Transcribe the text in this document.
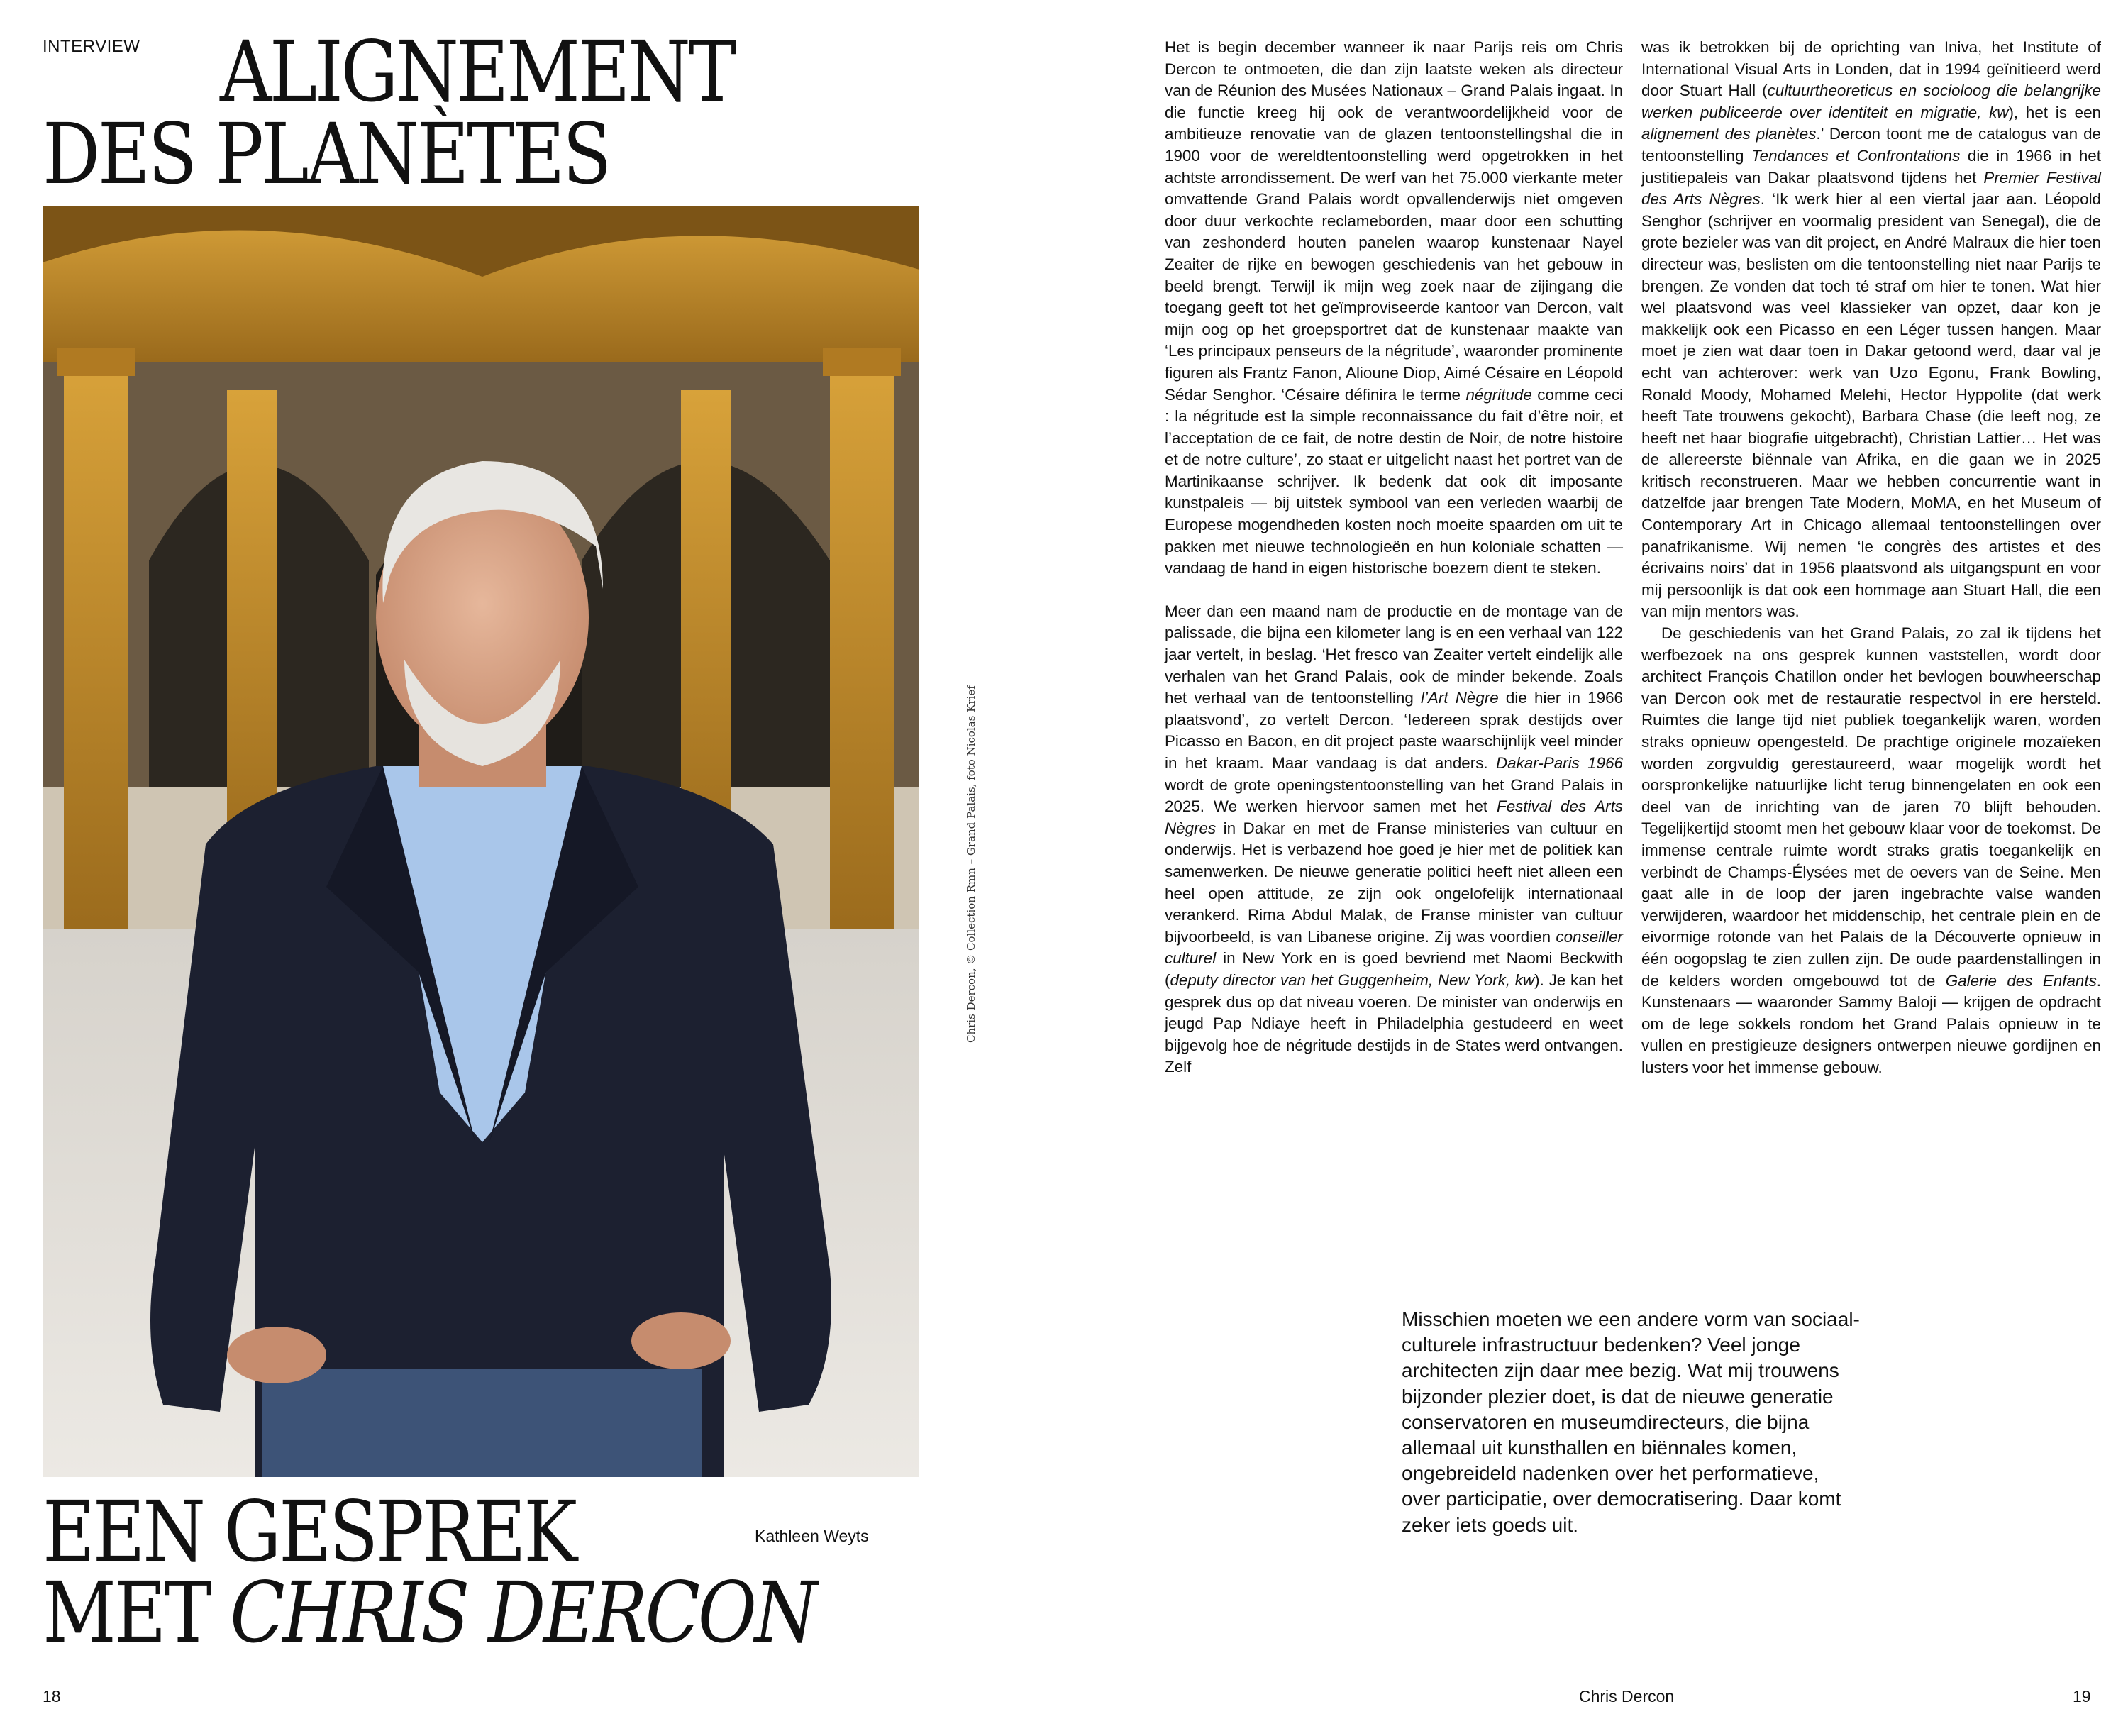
INTERVIEW ALIGNEMENT
DES PLANÈTES
Chris Dercon, © Collection Rmn – Grand Palais, foto Nicolas Krief
EEN GESPREK
MET CHRIS DERCON
Kathleen Weyts

Het is begin december wanneer ik naar Parijs reis om Chris Dercon te ontmoeten, die dan zijn laatste weken als directeur van de Réunion des Musées Nationaux – Grand Palais ingaat. In die functie kreeg hij ook de verantwoordelijkheid voor de ambitieuze renovatie van de glazen tentoonstellingshal die in 1900 voor de wereldtentoonstelling werd opgetrokken in het achtste arrondissement. De werf van het 75.000 vierkante meter omvattende Grand Palais wordt opvallenderwijs niet omgeven door duur verkochte reclameborden, maar door een schutting van zeshonderd houten panelen waarop kunstenaar Nayel Zeaiter de rijke en bewogen geschiedenis van het gebouw in beeld brengt. Terwijl ik mijn weg zoek naar de zijingang die toegang geeft tot het geïmproviseerde kantoor van Dercon, valt mijn oog op het groepsportret dat de kunstenaar maakte van ‘Les principaux penseurs de la négritude’, waaronder prominente figuren als Frantz Fanon, Alioune Diop, Aimé Césaire en Léopold Sédar Senghor. ‘Césaire définira le terme négritude comme ceci : la négritude est la simple reconnaissance du fait d’être noir, et l’acceptation de ce fait, de notre destin de Noir, de notre histoire et de notre culture’, zo staat er uitgelicht naast het portret van de Martinikaanse schrijver. Ik bedenk dat ook dit imposante kunstpaleis — bij uitstek symbool van een verleden waarbij de Europese mogendheden kosten noch moeite spaarden om uit te pakken met nieuwe technologieën en hun koloniale schatten — vandaag de hand in eigen historische boezem dient te steken.

Meer dan een maand nam de productie en de montage van de palissade, die bijna een kilometer lang is en een verhaal van 122 jaar vertelt, in beslag. ‘Het fresco van Zeaiter vertelt eindelijk alle verhalen van het Grand Palais, ook de minder bekende. Zoals het verhaal van de tentoonstelling l’Art Nègre die hier in 1966 plaatsvond’, zo vertelt Dercon. ‘Iedereen sprak destijds over Picasso en Bacon, en dit project paste waarschijnlijk veel minder in het kraam. Maar vandaag is dat anders. Dakar-Paris 1966 wordt de grote openingstentoonstelling van het Grand Palais in 2025. We werken hiervoor samen met het Festival des Arts Nègres in Dakar en met de Franse ministeries van cultuur en onderwijs. Het is verbazend hoe goed je hier met de politiek kan samenwerken. De nieuwe generatie politici heeft niet alleen een heel open attitude, ze zijn ook ongelofelijk internationaal verankerd. Rima Abdul Malak, de Franse minister van cultuur bijvoorbeeld, is van Libanese origine. Zij was voordien conseiller culturel in New York en is goed bevriend met Naomi Beckwith (deputy director van het Guggenheim, New York, kw). Je kan het gesprek dus op dat niveau voeren. De minister van onderwijs en jeugd Pap Ndiaye heeft in Philadelphia gestudeerd en weet bijgevolg hoe de négritude destijds in de States werd ontvangen. Zelf

was ik betrokken bij de oprichting van Iniva, het Institute of International Visual Arts in Londen, dat in 1994 geïnitieerd werd door Stuart Hall (cultuurtheoreticus en socioloog die belangrijke werken publiceerde over identiteit en migratie, kw), het is een alignement des planètes.’ Dercon toont me de catalogus van de tentoonstelling Tendances et Confrontations die in 1966 in het justitiepaleis van Dakar plaatsvond tijdens het Premier Festival des Arts Nègres. ‘Ik werk hier al een viertal jaar aan. Léopold Senghor (schrijver en voormalig president van Senegal), die de grote bezieler was van dit project, en André Malraux die hier toen directeur was, beslisten om die tentoonstelling niet naar Parijs te brengen. Ze vonden dat toch té straf om hier te tonen. Wat hier wel plaatsvond was veel klassieker van opzet, daar kon je makkelijk ook een Picasso en een Léger tussen hangen. Maar moet je zien wat daar toen in Dakar getoond werd, daar val je echt van achterover: werk van Uzo Egonu, Frank Bowling, Ronald Moody, Mohamed Melehi, Hector Hyppolite (dat werk heeft Tate trouwens gekocht), Barbara Chase (die leeft nog, ze heeft net haar biografie uitgebracht), Christian Lattier… Het was de allereerste biënnale van Afrika, en die gaan we in 2025 kritisch reconstrueren. Maar we hebben concurrentie want in datzelfde jaar brengen Tate Modern, MoMA, en het Museum of Contemporary Art in Chicago allemaal tentoonstellingen over panafrikanisme. Wij nemen ‘le congrès des artistes et des écrivains noirs’ dat in 1956 plaatsvond als uitgangspunt en voor mij persoonlijk is dat ook een hommage aan Stuart Hall, die een van mijn mentors was.

De geschiedenis van het Grand Palais, zo zal ik tijdens het werfbezoek na ons gesprek kunnen vaststellen, wordt door architect François Chatillon onder het bevlogen bouwheerschap van Dercon ook met de restauratie respectvol in ere hersteld. Ruimtes die lange tijd niet publiek toegankelijk waren, worden straks opnieuw opengesteld. De prachtige originele mozaïeken worden zorgvuldig gerestaureerd, waar mogelijk wordt het oorspronkelijke natuurlijke licht terug binnengelaten en ook een deel van de inrichting van de jaren 70 blijft behouden. Tegelijkertijd stoomt men het gebouw klaar voor de toekomst. De immense centrale ruimte wordt straks gratis toegankelijk en verbindt de Champs-Élysées met de oevers van de Seine. Men gaat alle in de loop der jaren ingebrachte valse wanden verwijderen, waardoor het middenschip, het centrale plein en de eivormige rotonde van het Palais de la Découverte opnieuw in één oogopslag te zien zullen zijn. De oude paardenstallingen in de kelders worden omgebouwd tot de Galerie des Enfants. Kunstenaars — waaronder Sammy Baloji — krijgen de opdracht om de lege sokkels rondom het Grand Palais opnieuw in te vullen en prestigieuze designers ontwerpen nieuwe gordijnen en lusters voor het immense gebouw.

Misschien moeten we een andere vorm van sociaal-culturele infrastructuur bedenken? Veel jonge architecten zijn daar mee bezig. Wat mij trouwens bijzonder plezier doet, is dat de nieuwe generatie conservatoren en museumdirecteurs, die bijna allemaal uit kunsthallen en biënnales komen, ongebreideld nadenken over het performatieve, over participatie, over democratisering. Daar komt zeker iets goeds uit.
18	Chris Dercon	19
